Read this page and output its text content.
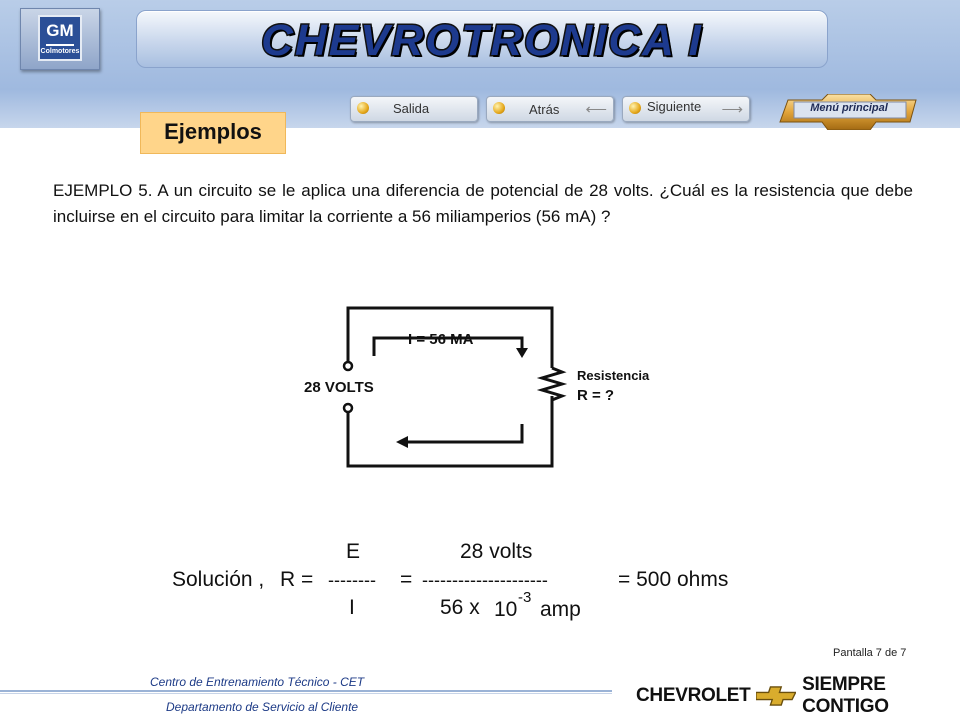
GM
Colmotores	CHEVROTRONICA I
Salida	Atrás ⟵	Siguiente ⟶	Menú principal
Ejemplos
EJEMPLO 5. A un circuito se le aplica una diferencia de potencial de 28 volts. ¿Cuál es la resistencia que debe incluirse en el circuito para limitar la corriente a 56 miliamperios (56 mA) ?
I = 56 MA
28 VOLTS
Resistencia
R = ?
Solución , R =
E
--------
I
=
28 volts
---------------------
56 x 10
-3
amp
= 500 ohms
Pantalla 7 de 7
Centro de Entrenamiento Técnico - CET
Departamento de Servicio al Cliente
CHEVROLET
SIEMPRE CONTIGO
